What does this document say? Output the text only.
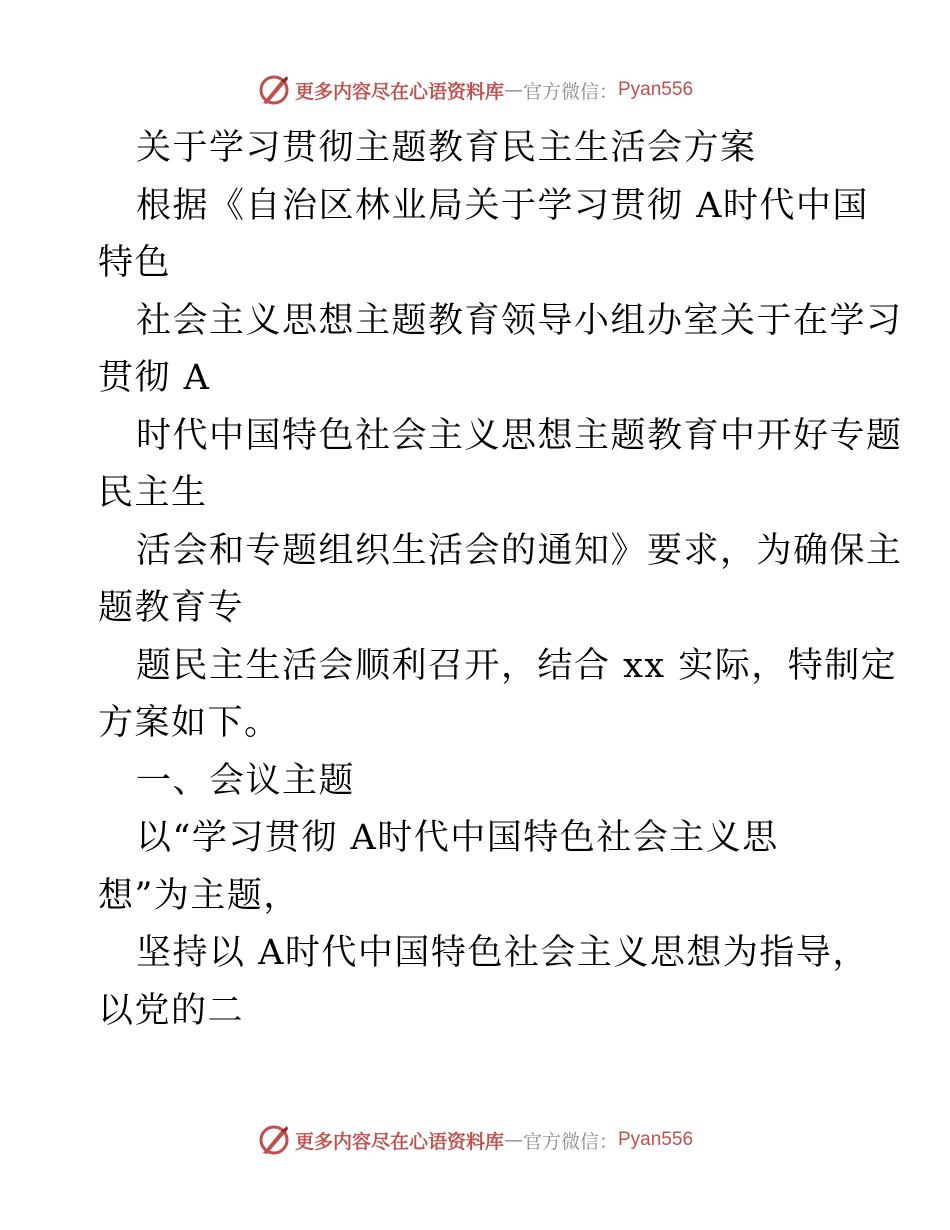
更多内容尽在心语资料库 — 官方微信： Pyan556

关于学习贯彻主题教育民主生活会方案

根据《自治区林业局关于学习贯彻 A时代中国

特色

社会主义思想主题教育领导小组办室关于在学习

贯彻 A

时代中国特色社会主义思想主题教育中开好专题

民主生

活会和专题组织生活会的通知》要求，为确保主

题教育专

题民主生活会顺利召开，结合 xx 实际，特制定

方案如下。

一、会议主题

以“学习贯彻 A时代中国特色社会主义思

想”为主题，

坚持以 A时代中国特色社会主义思想为指导，

以党的二

更多内容尽在心语资料库 — 官方微信： Pyan556
